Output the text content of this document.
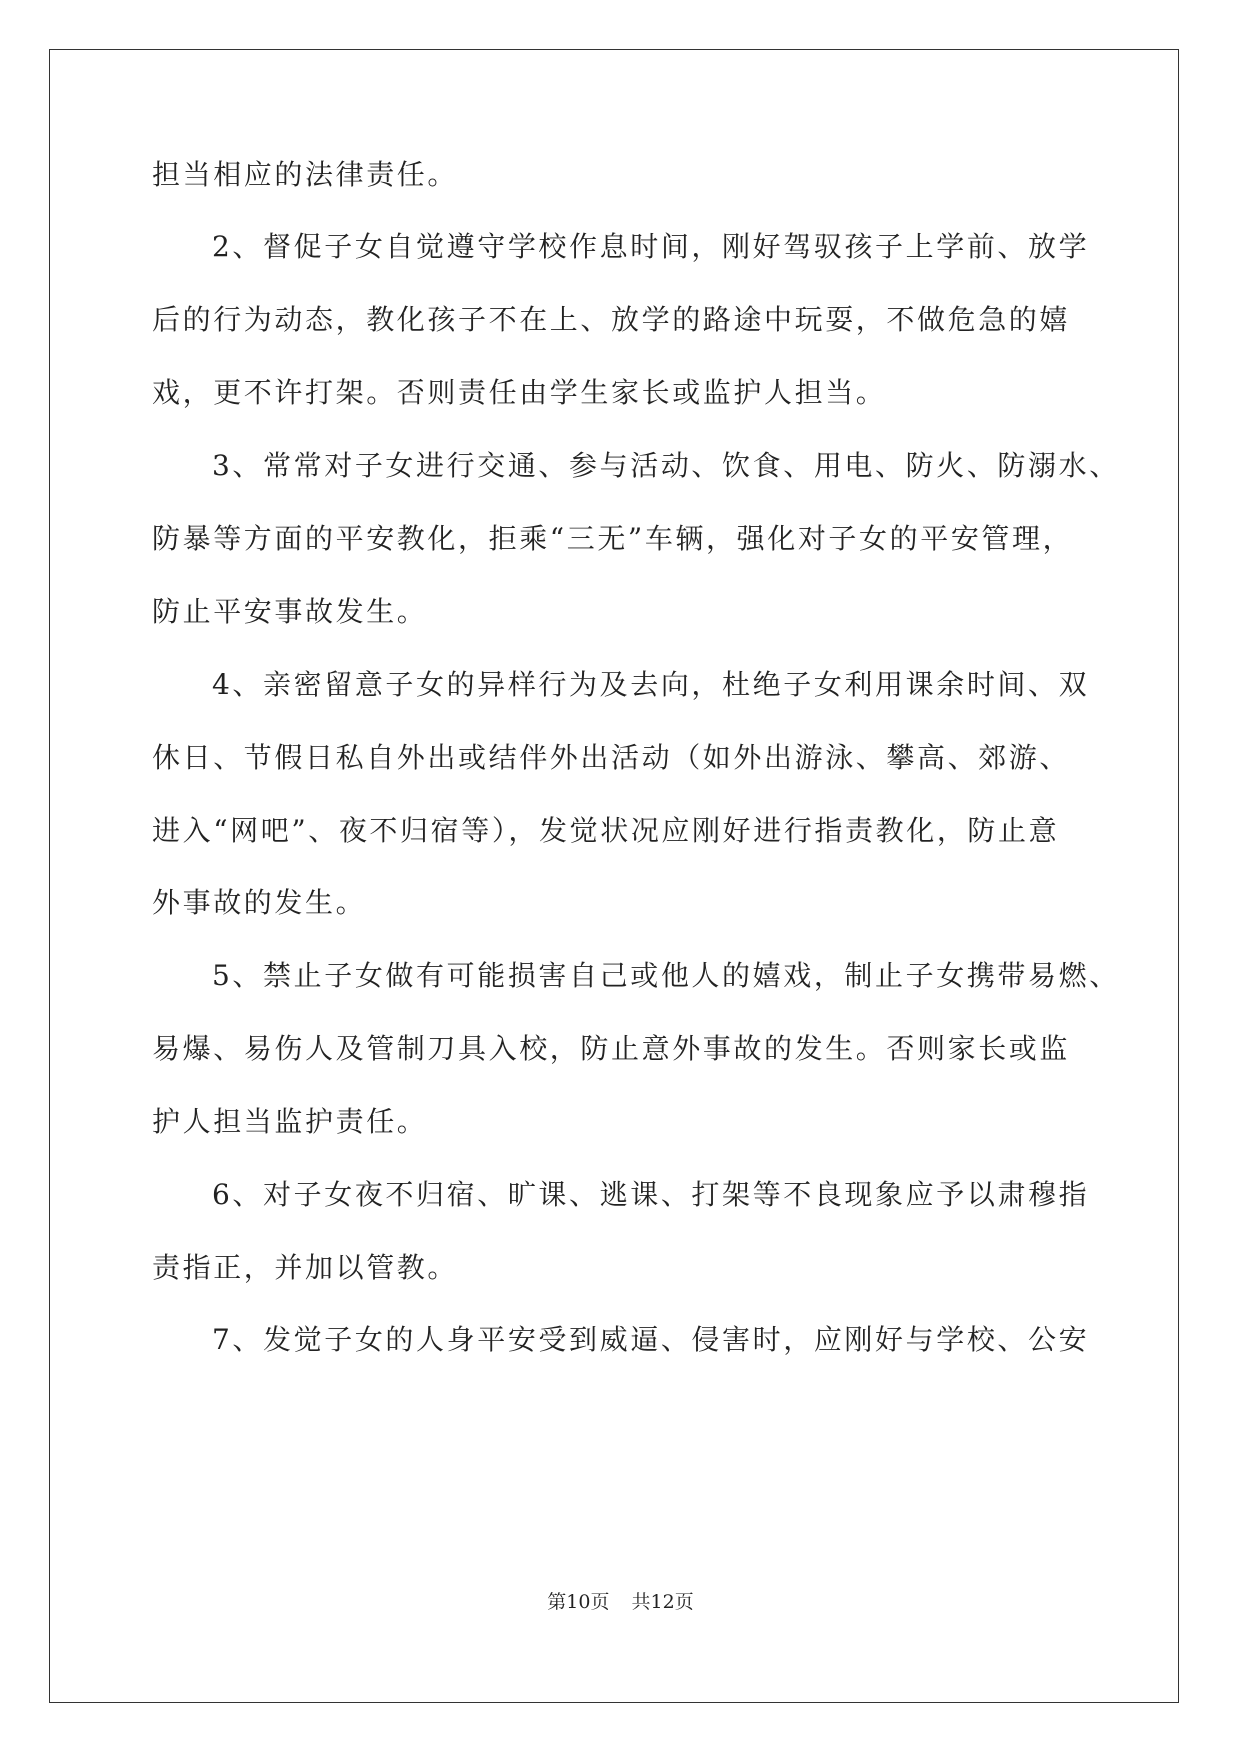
担当相应的法律责任。
2、督促子女自觉遵守学校作息时间，刚好驾驭孩子上学前、放学
后的行为动态，教化孩子不在上、放学的路途中玩耍，不做危急的嬉
戏，更不许打架。否则责任由学生家长或监护人担当。
3、常常对子女进行交通、参与活动、饮食、用电、防火、防溺水、
防暴等方面的平安教化，拒乘“三无”车辆，强化对子女的平安管理，
防止平安事故发生。
4、亲密留意子女的异样行为及去向，杜绝子女利用课余时间、双
休日、节假日私自外出或结伴外出活动（如外出游泳、攀高、郊游、
进入“网吧”、夜不归宿等），发觉状况应刚好进行指责教化，防止意
外事故的发生。
5、禁止子女做有可能损害自己或他人的嬉戏，制止子女携带易燃、
易爆、易伤人及管制刀具入校，防止意外事故的发生。否则家长或监
护人担当监护责任。
6、对子女夜不归宿、旷课、逃课、打架等不良现象应予以肃穆指
责指正，并加以管教。
7、发觉子女的人身平安受到威逼、侵害时，应刚好与学校、公安
第10页 共12页
